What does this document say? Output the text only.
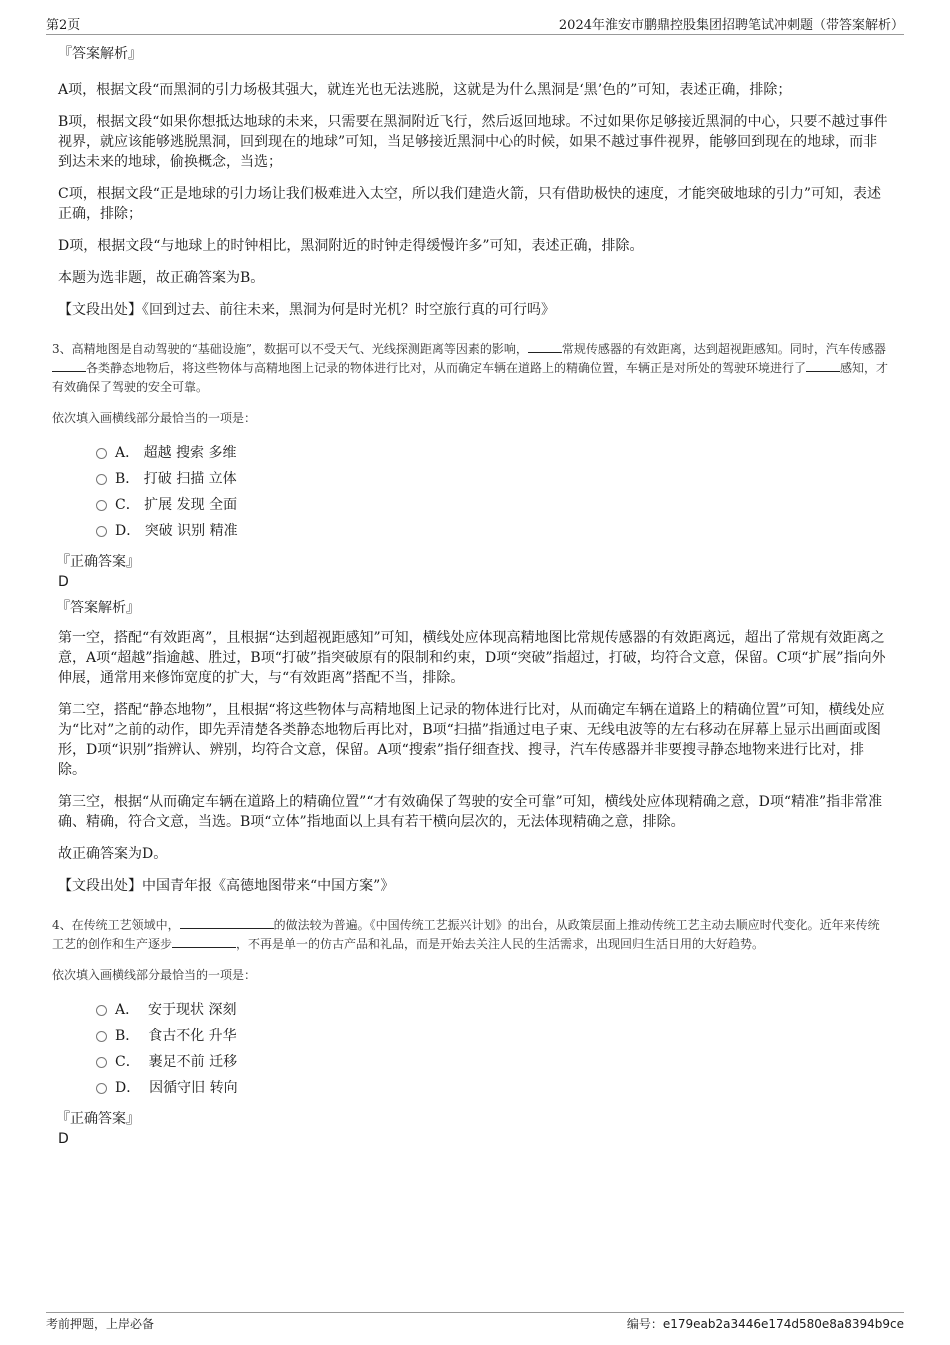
第2页	2024年淮安市鹏鼎控股集团招聘笔试冲刺题（带答案解析）

『答案解析』

A项，根据文段“而黑洞的引力场极其强大，就连光也无法逃脱，这就是为什么黑洞是‘黑’色的”可知，表述正确，排除；

B项，根据文段“如果你想抵达地球的未来，只需要在黑洞附近飞行，然后返回地球。不过如果你足够接近黑洞的中心，只要不越过事件视界，就应该能够逃脱黑洞，回到现在的地球”可知，当足够接近黑洞中心的时候，如果不越过事件视界，能够回到现在的地球，而非到达未来的地球，偷换概念，当选；

C项，根据文段“正是地球的引力场让我们极难进入太空，所以我们建造火箭，只有借助极快的速度，才能突破地球的引力”可知，表述正确，排除；

D项，根据文段“与地球上的时钟相比，黑洞附近的时钟走得缓慢许多”可知，表述正确，排除。

本题为选非题，故正确答案为B。

【文段出处】《回到过去、前往未来，黑洞为何是时光机？时空旅行真的可行吗》

3、高精地图是自动驾驶的“基础设施”，数据可以不受天气、光线探测距离等因素的影响，	常规传感器的有效距离，达到超视距感知。同时，汽车传感器各类静态地物后，将这些物体与高精地图上记录的物体进行比对，从而确定车辆在道路上的精确位置，车辆正是对所处的驾驶环境进行了	感知，才有效确保了驾驶的安全可靠。

依次填入画横线部分最恰当的一项是：

A．
超越 搜索 多维
B．
打破 扫描 立体
C．
扩展 发现 全面
D．
突破 识别 精准

『正确答案』

D

『答案解析』

第一空，搭配“有效距离”，且根据“达到超视距感知”可知，横线处应体现高精地图比常规传感器的有效距离远，超出了常规有效距离之意，A项“超越”指逾越、胜过，B项“打破”指突破原有的限制和约束，D项“突破”指超过，打破，均符合文意，保留。C项“扩展”指向外伸展，通常用来修饰宽度的扩大，与“有效距离”搭配不当，排除。

第二空，搭配“静态地物”，且根据“将这些物体与高精地图上记录的物体进行比对，从而确定车辆在道路上的精确位置”可知，横线处应为“比对”之前的动作，即先弄清楚各类静态地物后再比对，B项“扫描”指通过电子束、无线电波等的左右移动在屏幕上显示出画面或图形，D项“识别”指辨认、辨别，均符合文意，保留。A项“搜索”指仔细查找、搜寻，汽车传感器并非要搜寻静态地物来进行比对，排除。

第三空，根据“从而确定车辆在道路上的精确位置”“才有效确保了驾驶的安全可靠”可知，横线处应体现精确之意，D项“精准”指非常准确、精确，符合文意，当选。B项“立体”指地面以上具有若干横向层次的，无法体现精确之意，排除。

故正确答案为D。

【文段出处】中国青年报《高德地图带来“中国方案”》

4、在传统工艺领域中，	的做法较为普遍。《中国传统工艺振兴计划》的出台，从政策层面上推动传统工艺主动去顺应时代变化。近年来传统工艺的创作和生产逐步	，不再是单一的仿古产品和礼品，而是开始去关注人民的生活需求，出现回归生活日用的大好趋势。

依次填入画横线部分最恰当的一项是：

A．
安于现状 深刻
B．
食古不化 升华
C．
裹足不前 迁移
D．
因循守旧 转向

『正确答案』

D

考前押题，上岸必备	编号：e179eab2a3446e174d580e8a8394b9ce
